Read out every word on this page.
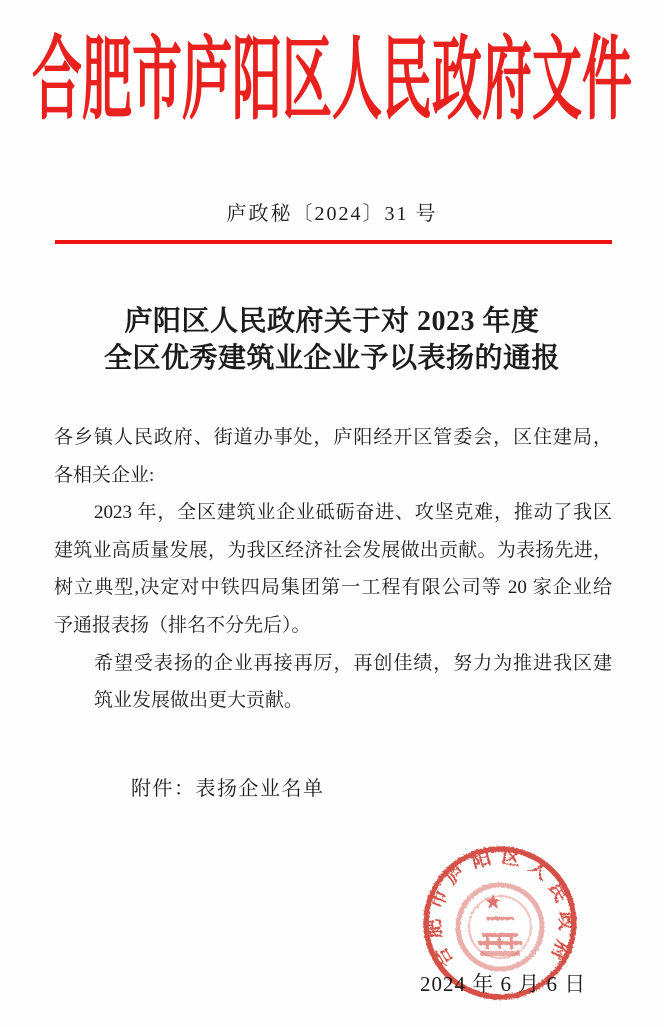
合肥市庐阳区人民政府文件
庐政秘〔2024〕31 号
庐阳区人民政府关于对 2023 年度
全区优秀建筑业企业予以表扬的通报
各乡镇人民政府、街道办事处，庐阳经开区管委会，区住建局，
各相关企业:
2023 年，全区建筑业企业砥砺奋进、攻坚克难，推动了我区
建筑业高质量发展，为我区经济社会发展做出贡献。为表扬先进，
树立典型,决定对中铁四局集团第一工程有限公司等 20 家企业给
予通报表扬（排名不分先后）。
希望受表扬的企业再接再厉，再创佳绩，努力为推进我区建
筑业发展做出更大贡献。
附件：表扬企业名单
合肥市庐阳区人民政府
2024 年 6 月 6 日
